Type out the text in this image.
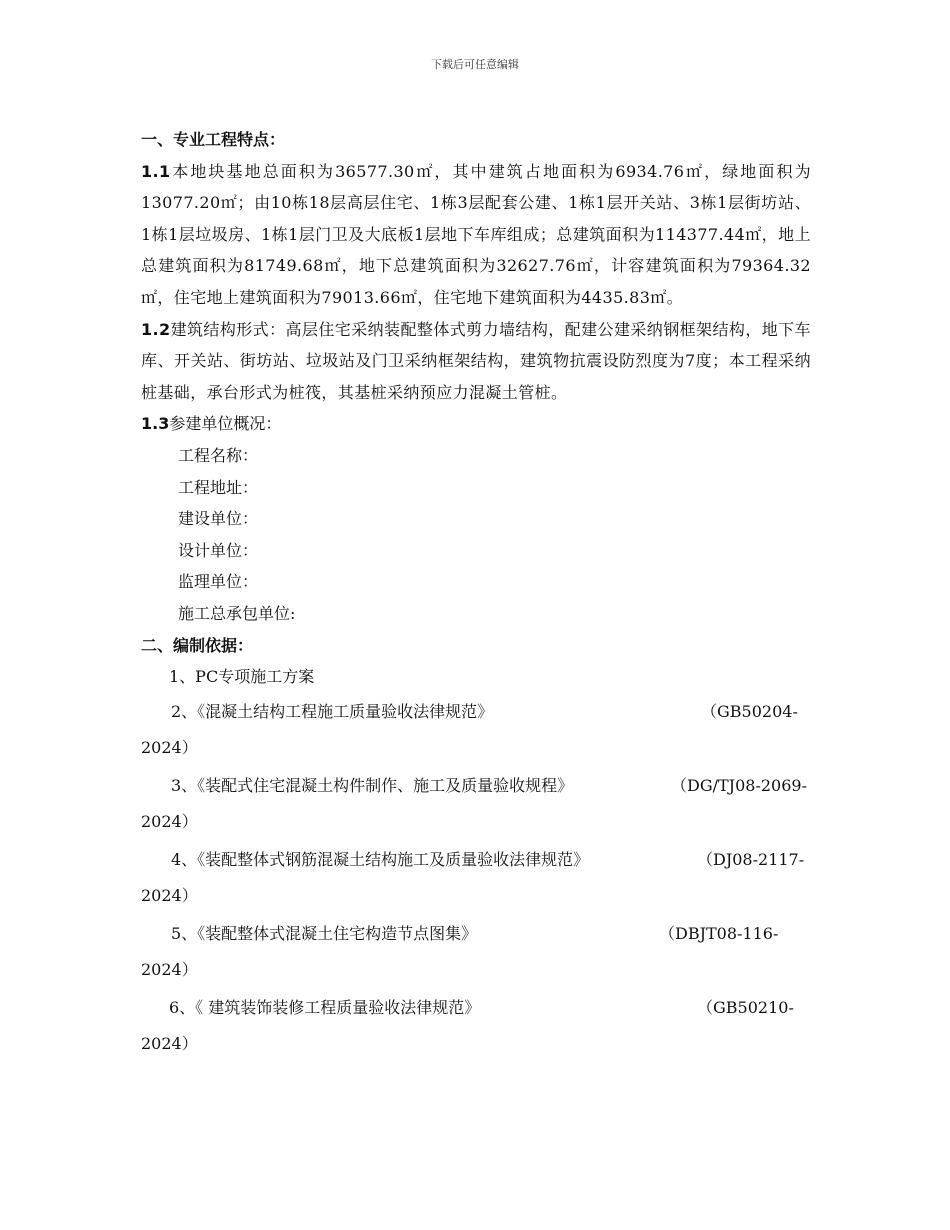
下载后可任意编辑

一、专业工程特点：

1.1本地块基地总面积为36577.30㎡，其中建筑占地面积为6934.76㎡，绿地面积为13077.20㎡；由10栋18层高层住宅、1栋3层配套公建、1栋1层开关站、3栋1层街坊站、1栋1层垃圾房、1栋1层门卫及大底板1层地下车库组成；总建筑面积为114377.44㎡，地上总建筑面积为81749.68㎡，地下总建筑面积为32627.76㎡，计容建筑面积为79364.32㎡，住宅地上建筑面积为79013.66㎡，住宅地下建筑面积为4435.83㎡。

1.2建筑结构形式：高层住宅采纳装配整体式剪力墙结构，配建公建采纳钢框架结构，地下车库、开关站、街坊站、垃圾站及门卫采纳框架结构，建筑物抗震设防烈度为7度；本工程采纳桩基础，承台形式为桩筏，其基桩采纳预应力混凝土管桩。

1.3参建单位概况：

工程名称：

工程地址：

建设单位：

设计单位：

监理单位：

施工总承包单位:

二、编制依据：

1、PC专项施工方案

2、《混凝土结构工程施工质量验收法律规范》	（GB50204-
2024）
3、《装配式住宅混凝土构件制作、施工及质量验收规程》	（DG/TJ08-2069-
2024）
4、《装配整体式钢筋混凝土结构施工及质量验收法律规范》	（DJ08-2117-
2024）
5、《装配整体式混凝土住宅构造节点图集》	（DBJT08-116-
2024）
6、《 建筑装饰装修工程质量验收法律规范》	（GB50210-
2024）
